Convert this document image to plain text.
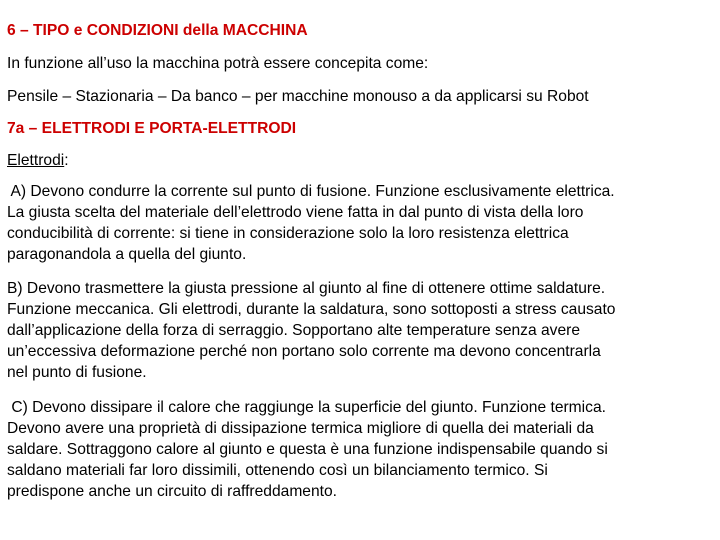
6 – TIPO e CONDIZIONI della MACCHINA
In funzione all’uso la macchina potrà essere concepita come:
Pensile – Stazionaria – Da banco – per macchine monouso a da applicarsi su Robot
7a – ELETTRODI E PORTA-ELETTRODI
Elettrodi:
A) Devono condurre la corrente sul punto di fusione. Funzione esclusivamente elettrica.
La giusta scelta del materiale dell’elettrodo viene fatta in dal punto di vista della loro
conducibilità di corrente: si tiene in considerazione solo la loro resistenza elettrica
paragonandola a quella del giunto.
B) Devono trasmettere la giusta pressione al giunto al fine di ottenere ottime saldature.
Funzione meccanica. Gli elettrodi, durante la saldatura, sono sottoposti a stress causato
dall’applicazione della forza di serraggio. Sopportano alte temperature senza avere
un’eccessiva deformazione perché non portano solo corrente ma devono concentrarla
nel punto di fusione.
C) Devono dissipare il calore che raggiunge la superficie del giunto. Funzione termica.
Devono avere una proprietà di dissipazione termica migliore di quella dei materiali da
saldare. Sottraggono calore al giunto e questa è una funzione indispensabile quando si
saldano materiali far loro dissimili, ottenendo così un bilanciamento termico. Si
predispone anche un circuito di raffreddamento.
